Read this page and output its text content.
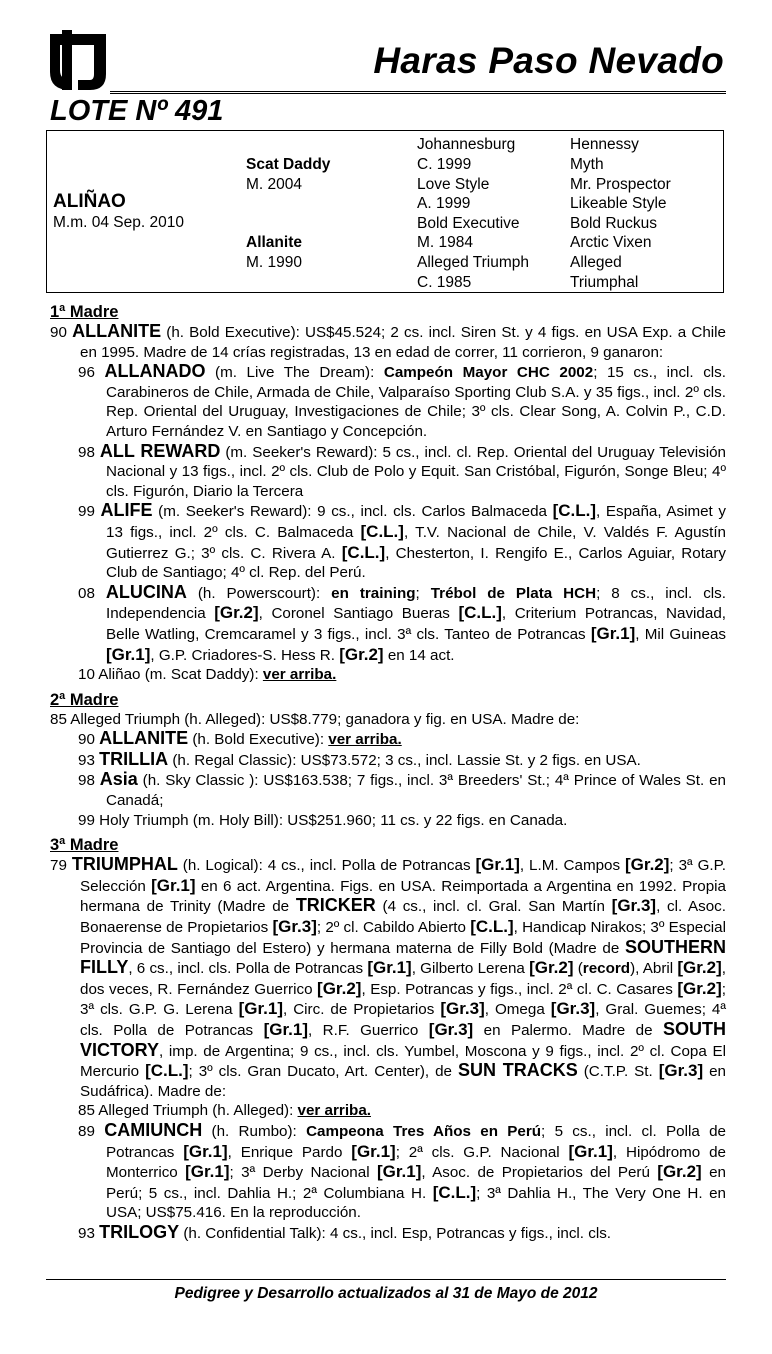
Haras Paso Nevado
LOTE Nº 491
ALIÑAO
M.m. 04 Sep. 2010
Scat Daddy
M. 2004
Allanite
M. 1990
Johannesburg
C. 1999
Love Style
A. 1999
Bold Executive
M. 1984
Alleged Triumph
C. 1985
Hennessy
Myth
Mr. Prospector
Likeable Style
Bold Ruckus
Arctic Vixen
Alleged
Triumphal
1ª Madre

90 ALLANITE (h. Bold Executive): US$45.524; 2 cs. incl. Siren St. y 4 figs. en USA Exp. a Chile en 1995. Madre de 14 crías registradas, 13 en edad de correr, 11 corrieron, 9 ganaron:

96 ALLANADO (m. Live The Dream): Campeón Mayor CHC 2002; 15 cs., incl. cls. Carabineros de Chile, Armada de Chile, Valparaíso Sporting Club S.A. y 35 figs., incl. 2º cls. Rep. Oriental del Uruguay, Investigaciones de Chile; 3º cls. Clear Song, A. Colvin P., C.D. Arturo Fernández V. en Santiago y Concepción.

98 ALL REWARD (m. Seeker's Reward): 5 cs., incl. cl. Rep. Oriental del Uruguay Televisión Nacional y 13 figs., incl. 2º cls. Club de Polo y Equit. San Cristóbal, Figurón, Songe Bleu; 4º cls. Figurón, Diario la Tercera

99 ALIFE (m. Seeker's Reward): 9 cs., incl. cls. Carlos Balmaceda [C.L.], España, Asimet y 13 figs., incl. 2º cls. C. Balmaceda [C.L.], T.V. Nacional de Chile, V. Valdés F. Agustín Gutierrez G.; 3º cls. C. Rivera A. [C.L.], Chesterton, I. Rengifo E., Carlos Aguiar, Rotary Club de Santiago; 4º cl. Rep. del Perú.

08 ALUCINA (h. Powerscourt): en training; Trébol de Plata HCH; 8 cs., incl. cls. Independencia [Gr.2], Coronel Santiago Bueras [C.L.], Criterium Potrancas, Navidad, Belle Watling, Cremcaramel y 3 figs., incl. 3ª cls. Tanteo de Potrancas [Gr.1], Mil Guineas [Gr.1], G.P. Criadores-S. Hess R. [Gr.2] en 14 act.

10 Aliñao (m. Scat Daddy): ver arriba.

2ª Madre

85 Alleged Triumph (h. Alleged): US$8.779; ganadora y fig. en USA. Madre de:

90 ALLANITE (h. Bold Executive): ver arriba.

93 TRILLIA (h. Regal Classic): US$73.572; 3 cs., incl. Lassie St. y 2 figs. en USA.

98 Asia (h. Sky Classic ): US$163.538; 7 figs., incl. 3ª Breeders' St.; 4ª Prince of Wales St. en Canadá;

99 Holy Triumph (m. Holy Bill): US$251.960; 11 cs. y 22 figs. en Canada.

3ª Madre

79 TRIUMPHAL (h. Logical): 4 cs., incl. Polla de Potrancas [Gr.1], L.M. Campos [Gr.2]; 3ª G.P. Selección [Gr.1] en 6 act. Argentina. Figs. en USA. Reimportada a Argentina en 1992. Propia hermana de Trinity (Madre de TRICKER (4 cs., incl. cl. Gral. San Martín [Gr.3], cl. Asoc. Bonaerense de Propietarios [Gr.3]; 2º cl. Cabildo Abierto [C.L.], Handicap Nirakos; 3º Especial Provincia de Santiago del Estero) y hermana materna de Filly Bold (Madre de SOUTHERN FILLY, 6 cs., incl. cls. Polla de Potrancas [Gr.1], Gilberto Lerena [Gr.2] (record), Abril [Gr.2], dos veces, R. Fernández Guerrico [Gr.2], Esp. Potrancas y figs., incl. 2ª cl. C. Casares [Gr.2]; 3ª cls. G.P. G. Lerena [Gr.1], Circ. de Propietarios [Gr.3], Omega [Gr.3], Gral. Guemes; 4ª cls. Polla de Potrancas [Gr.1], R.F. Guerrico [Gr.3] en Palermo. Madre de SOUTH VICTORY, imp. de Argentina; 9 cs., incl. cls. Yumbel, Moscona y 9 figs., incl. 2º cl. Copa El Mercurio [C.L.]; 3º cls. Gran Ducato, Art. Center), de SUN TRACKS (C.T.P. St. [Gr.3] en Sudáfrica). Madre de:

85 Alleged Triumph (h. Alleged): ver arriba.

89 CAMIUNCH (h. Rumbo): Campeona Tres Años en Perú; 5 cs., incl. cl. Polla de Potrancas [Gr.1], Enrique Pardo [Gr.1]; 2ª cls. G.P. Nacional [Gr.1], Hipódromo de Monterrico [Gr.1]; 3ª Derby Nacional [Gr.1], Asoc. de Propietarios del Perú [Gr.2] en Perú; 5 cs., incl. Dahlia H.; 2ª Columbiana H. [C.L.]; 3ª Dahlia H., The Very One H. en USA; US$75.416. En la reproducción.

93 TRILOGY (h. Confidential Talk): 4 cs., incl. Esp, Potrancas y figs., incl. cls.

Pedigree y Desarrollo actualizados al 31 de Mayo de 2012
